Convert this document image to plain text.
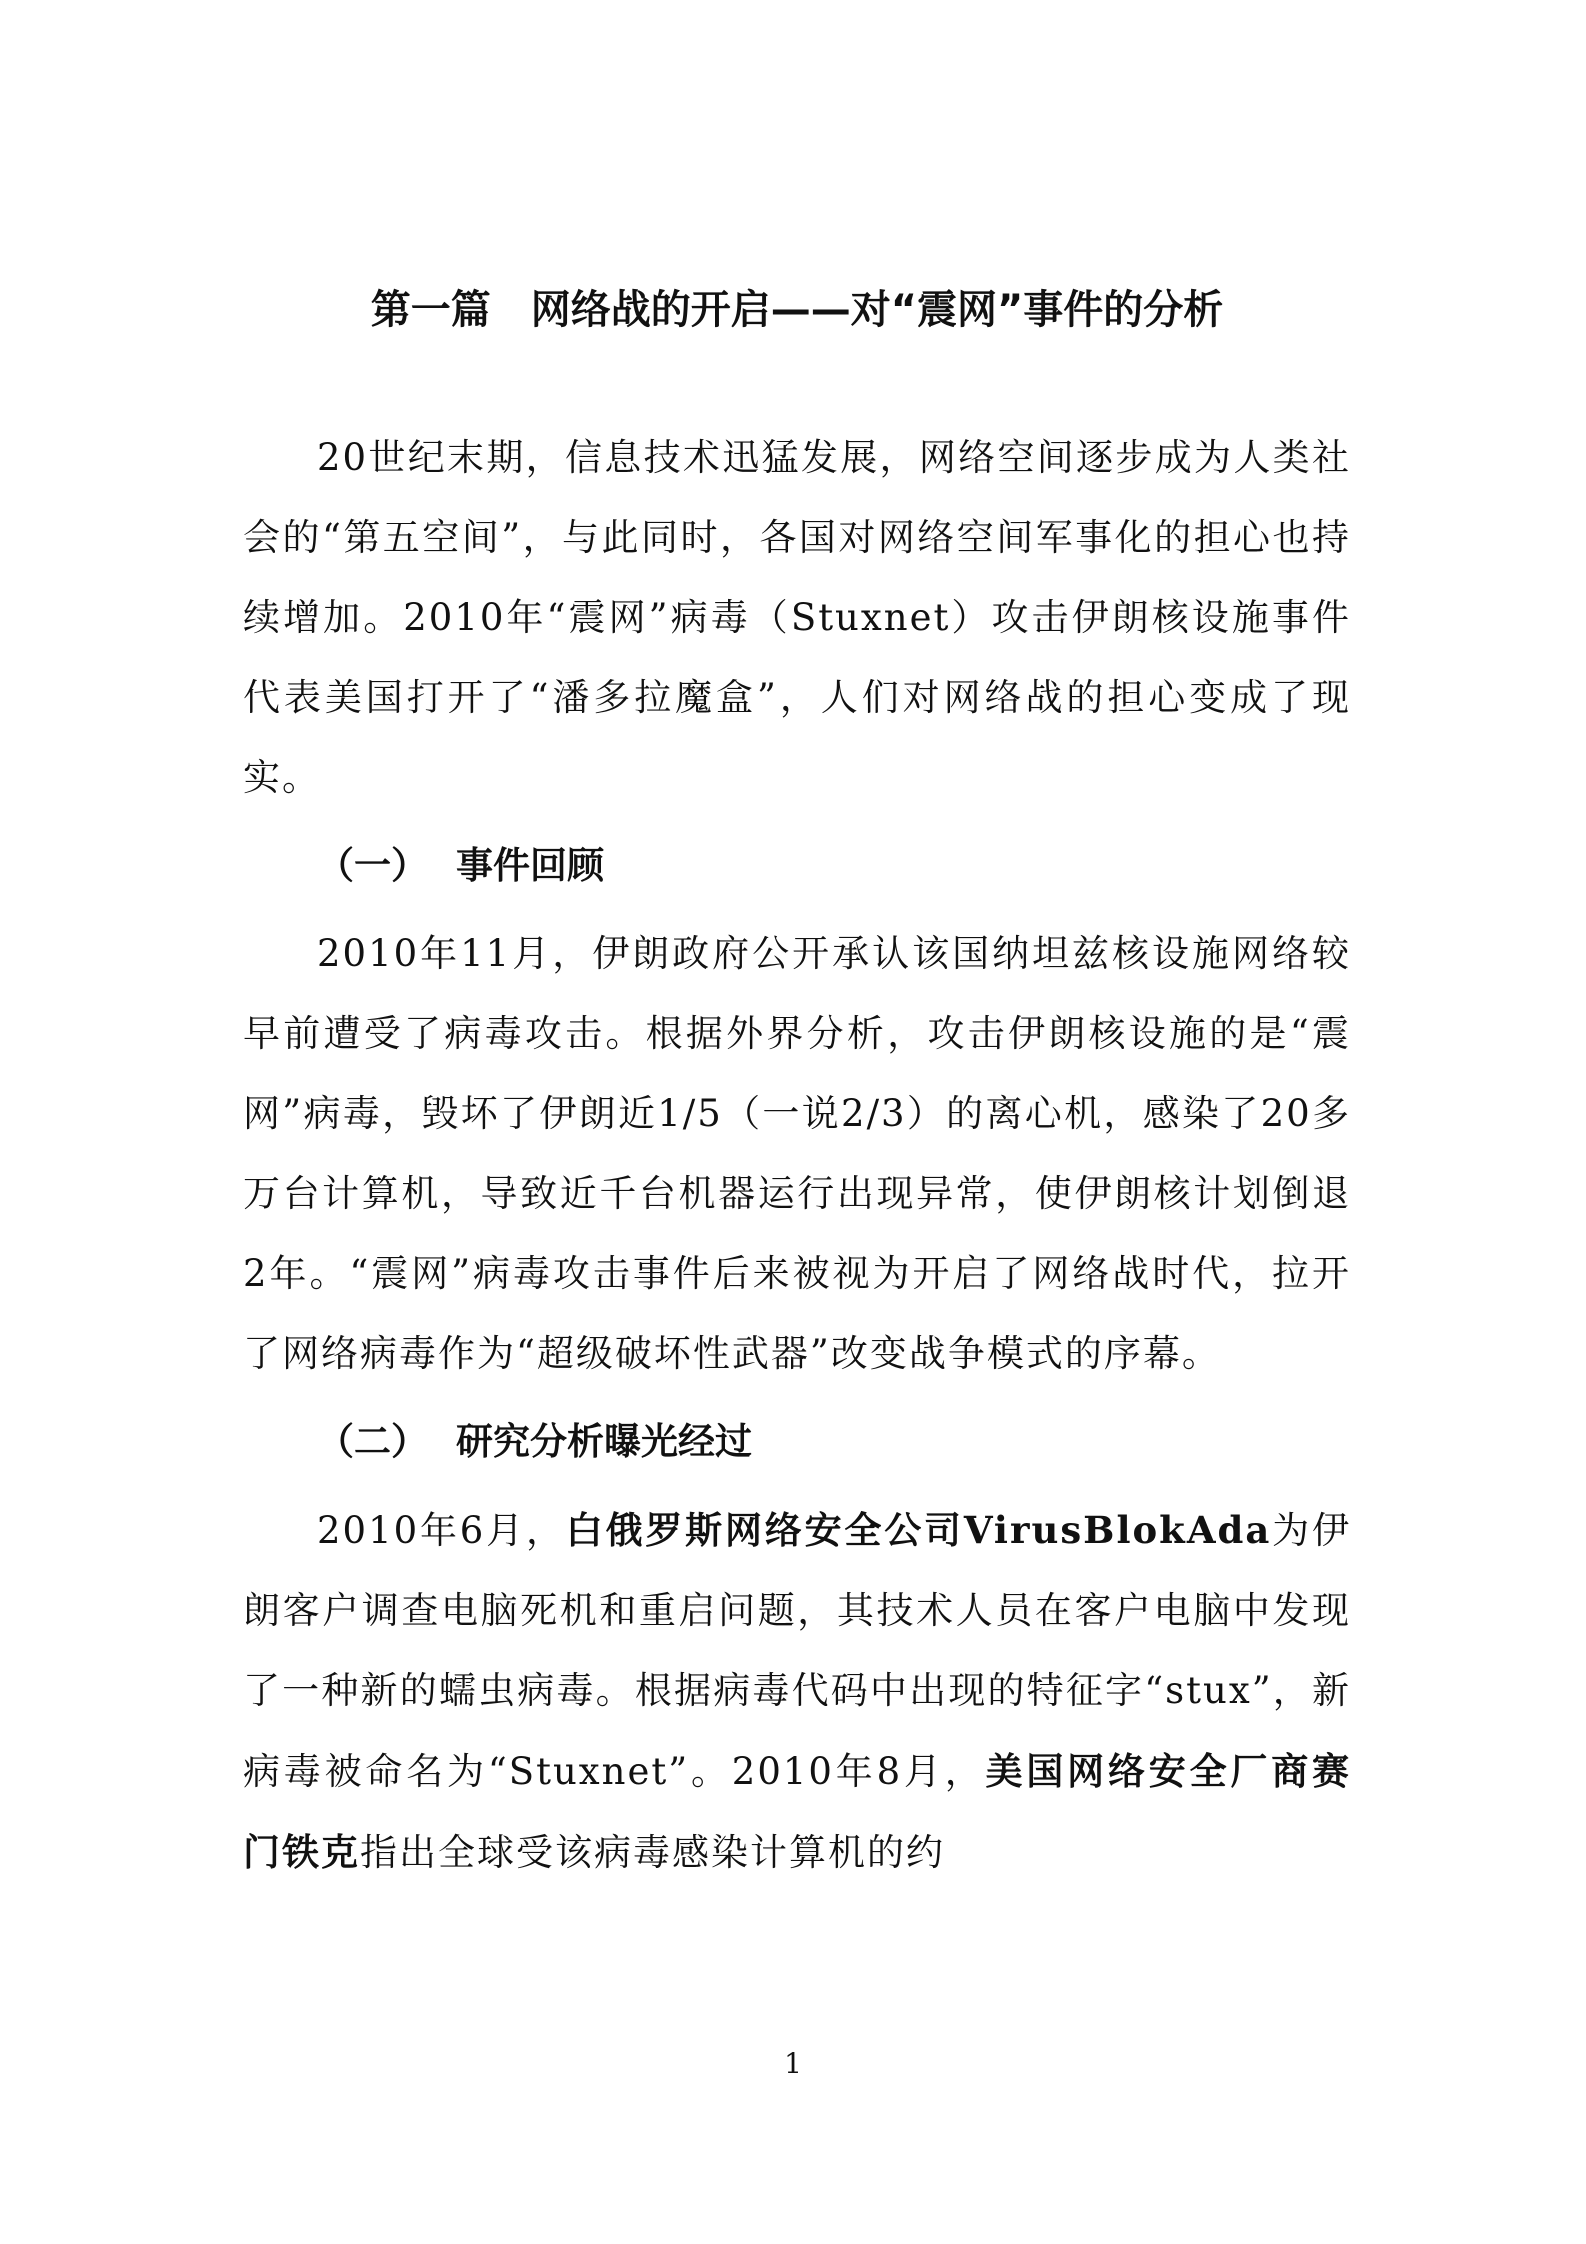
第一篇 网络战的开启——对“震网”事件的分析

20世纪末期，信息技术迅猛发展，网络空间逐步成为人类社会的“第五空间”，与此同时，各国对网络空间军事化的担心也持续增加。2010年“震网”病毒（Stuxnet）攻击伊朗核设施事件代表美国打开了“潘多拉魔盒”，人们对网络战的担心变成了现实。

（一） 事件回顾

2010年11月，伊朗政府公开承认该国纳坦兹核设施网络较早前遭受了病毒攻击。根据外界分析，攻击伊朗核设施的是“震网”病毒，毁坏了伊朗近1/5（一说2/3）的离心机，感染了20多万台计算机，导致近千台机器运行出现异常，使伊朗核计划倒退2年。“震网”病毒攻击事件后来被视为开启了网络战时代，拉开了网络病毒作为“超级破坏性武器”改变战争模式的序幕。

（二） 研究分析曝光经过

2010年6月，白俄罗斯网络安全公司VirusBlokAda为伊朗客户调查电脑死机和重启问题，其技术人员在客户电脑中发现了一种新的蠕虫病毒。根据病毒代码中出现的特征字“stux”，新病毒被命名为“Stuxnet”。2010年8月，美国网络安全厂商赛门铁克指出全球受该病毒感染计算机的约

1
